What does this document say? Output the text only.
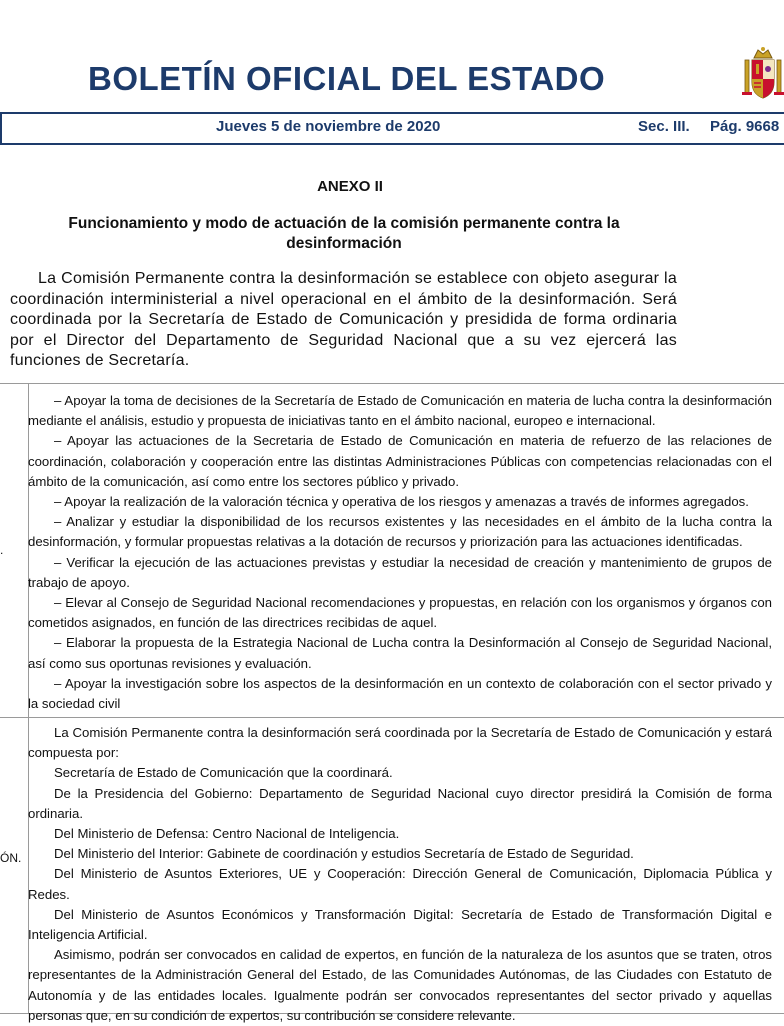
BOLETÍN OFICIAL DEL ESTADO
Jueves 5 de noviembre de 2020	Sec. III. Pág. 9668
ANEXO II
Funcionamiento y modo de actuación de la comisión permanente contra la desinformación

La Comisión Permanente contra la desinformación se establece con objeto asegurar la coordinación interministerial a nivel operacional en el ámbito de la desinformación. Será coordinada por la Secretaría de Estado de Comunicación y presidida de forma ordinaria por el Director del Departamento de Seguridad Nacional que a su vez ejercerá las funciones de Secretaría.

.
ÓN.

– Apoyar la toma de decisiones de la Secretaría de Estado de Comunicación en materia de lucha contra la desinformación mediante el análisis, estudio y propuesta de iniciativas tanto en el ámbito nacional, europeo e internacional.

– Apoyar las actuaciones de la Secretaria de Estado de Comunicación en materia de refuerzo de las relaciones de coordinación, colaboración y cooperación entre las distintas Administraciones Públicas con competencias relacionadas con el ámbito de la comunicación, así como entre los sectores público y privado.

– Apoyar la realización de la valoración técnica y operativa de los riesgos y amenazas a través de informes agregados.

– Analizar y estudiar la disponibilidad de los recursos existentes y las necesidades en el ámbito de la lucha contra la desinformación, y formular propuestas relativas a la dotación de recursos y priorización para las actuaciones identificadas.

– Verificar la ejecución de las actuaciones previstas y estudiar la necesidad de creación y mantenimiento de grupos de trabajo de apoyo.

– Elevar al Consejo de Seguridad Nacional recomendaciones y propuestas, en relación con los organismos y órganos con cometidos asignados, en función de las directrices recibidas de aquel.

– Elaborar la propuesta de la Estrategia Nacional de Lucha contra la Desinformación al Consejo de Seguridad Nacional, así como sus oportunas revisiones y evaluación.

– Apoyar la investigación sobre los aspectos de la desinformación en un contexto de colaboración con el sector privado y la sociedad civil

La Comisión Permanente contra la desinformación será coordinada por la Secretaría de Estado de Comunicación y estará compuesta por:

Secretaría de Estado de Comunicación que la coordinará.

De la Presidencia del Gobierno: Departamento de Seguridad Nacional cuyo director presidirá la Comisión de forma ordinaria.

Del Ministerio de Defensa: Centro Nacional de Inteligencia.

Del Ministerio del Interior: Gabinete de coordinación y estudios Secretaría de Estado de Seguridad.

Del Ministerio de Asuntos Exteriores, UE y Cooperación: Dirección General de Comunicación, Diplomacia Pública y Redes.

Del Ministerio de Asuntos Económicos y Transformación Digital: Secretaría de Estado de Transformación Digital e Inteligencia Artificial.

Asimismo, podrán ser convocados en calidad de expertos, en función de la naturaleza de los asuntos que se traten, otros representantes de la Administración General del Estado, de las Comunidades Autónomas, de las Ciudades con Estatuto de Autonomía y de las entidades locales. Igualmente podrán ser convocados representantes del sector privado y aquellas personas que, en su condición de expertos, su contribución se considere relevante.
